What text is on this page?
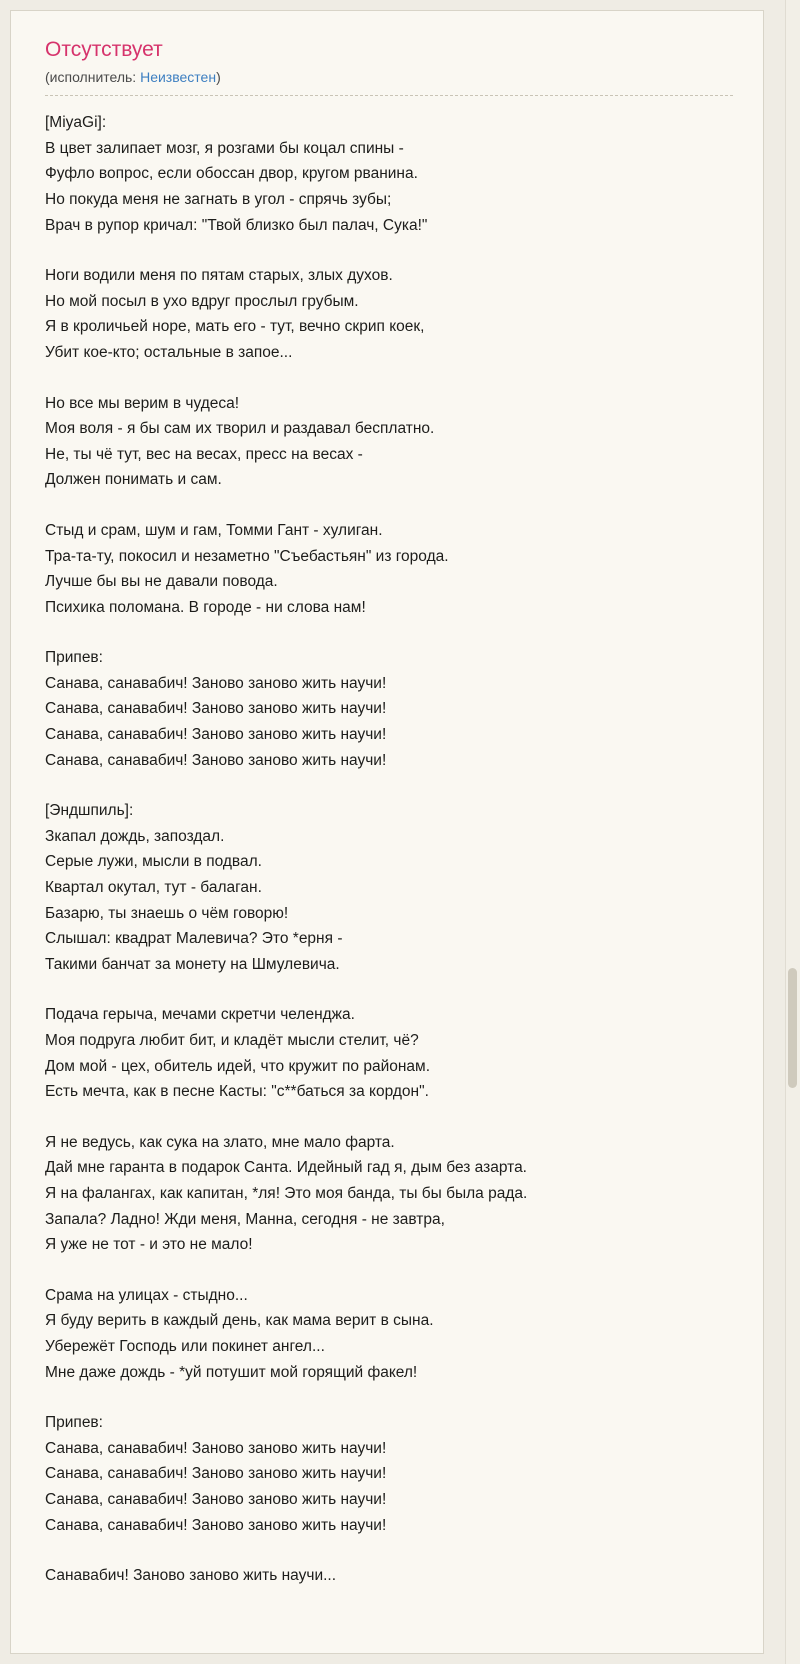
Отсутствует
(исполнитель: Неизвестен)

[MiyaGi]:
В цвет залипает мозг, я розгами бы коцал спины -
Фуфло вопрос, если обоссан двор, кругом рванина.
Но покуда меня не загнать в угол - спрячь зубы;
Врач в рупор кричал: "Твой близко был палач, Сука!"

Ноги водили меня по пятам старых, злых духов.
Но мой посыл в ухо вдруг прослыл грубым.
Я в кроличьей норе, мать его - тут, вечно скрип коек,
Убит кое-кто; остальные в запое...

Но все мы верим в чудеса!
Моя воля - я бы сам их творил и раздавал бесплатно.
Не, ты чё тут, вес на весах, пресс на весах -
Должен понимать и сам.

Стыд и срам, шум и гам, Томми Гант - хулиган.
Тра-та-ту, покосил и незаметно "Съебастьян" из города.
Лучше бы вы не давали повода.
Психика поломана. В городе - ни слова нам!

Припев:
Санава, санавабич! Заново заново жить научи!
Санава, санавабич! Заново заново жить научи!
Санава, санавабич! Заново заново жить научи!
Санава, санавабич! Заново заново жить научи!

[Эндшпиль]:
Зкапал дождь, запоздал.
Серые лужи, мысли в подвал.
Квартал окутал, тут - балаган.
Базарю, ты знаешь о чём говорю!
Слышал: квадрат Малевича? Это *ерня -
Такими банчат за монету на Шмулевича.

Подача герыча, мечами скретчи челенджа.
Моя подруга любит бит, и кладёт мысли стелит, чё?
Дом мой - цех, обитель идей, что кружит по районам.
Есть мечта, как в песне Касты: "с**баться за кордон".

Я не ведусь, как сука на злато, мне мало фарта.
Дай мне гаранта в подарок Санта. Идейный гад я, дым без азарта.
Я на фалангах, как капитан, *ля! Это моя банда, ты бы была рада.
Запала? Ладно! Жди меня, Манна, сегодня - не завтра,
Я уже не тот - и это не мало!

Срама на улицах - стыдно...
Я буду верить в каждый день, как мама верит в сына.
Убережёт Господь или покинет ангел...
Мне даже дождь - *уй потушит мой горящий факел!

Припев:
Санава, санавабич! Заново заново жить научи!
Санава, санавабич! Заново заново жить научи!
Санава, санавабич! Заново заново жить научи!
Санава, санавабич! Заново заново жить научи!

Санавабич! Заново заново жить научи...
